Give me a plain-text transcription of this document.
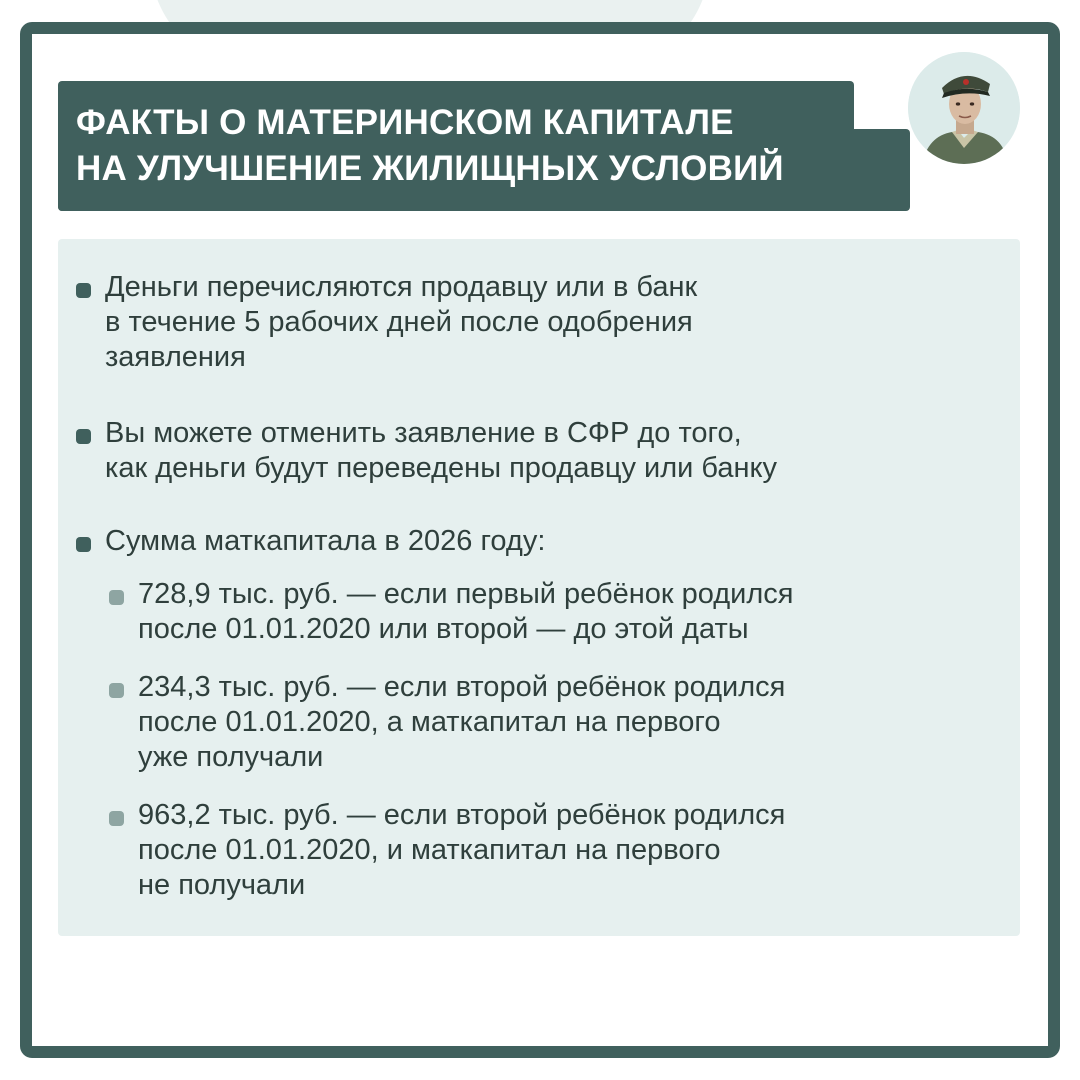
ФАКТЫ О МАТЕРИНСКОМ КАПИТАЛЕ
НА УЛУЧШЕНИЕ ЖИЛИЩНЫХ УСЛОВИЙ
Деньги перечисляются продавцу или в банк
в течение 5 рабочих дней после одобрения
заявления
Вы можете отменить заявление в СФР до того,
как деньги будут переведены продавцу или банку
Сумма маткапитала в 2026 году:
728,9 тыс. руб. — если первый ребёнок родился
после 01.01.2020 или второй — до этой даты
234,3 тыс. руб. — если второй ребёнок родился
после 01.01.2020, а маткапитал на первого
уже получали
963,2 тыс. руб. — если второй ребёнок родился
после 01.01.2020, и маткапитал на первого
не получали
